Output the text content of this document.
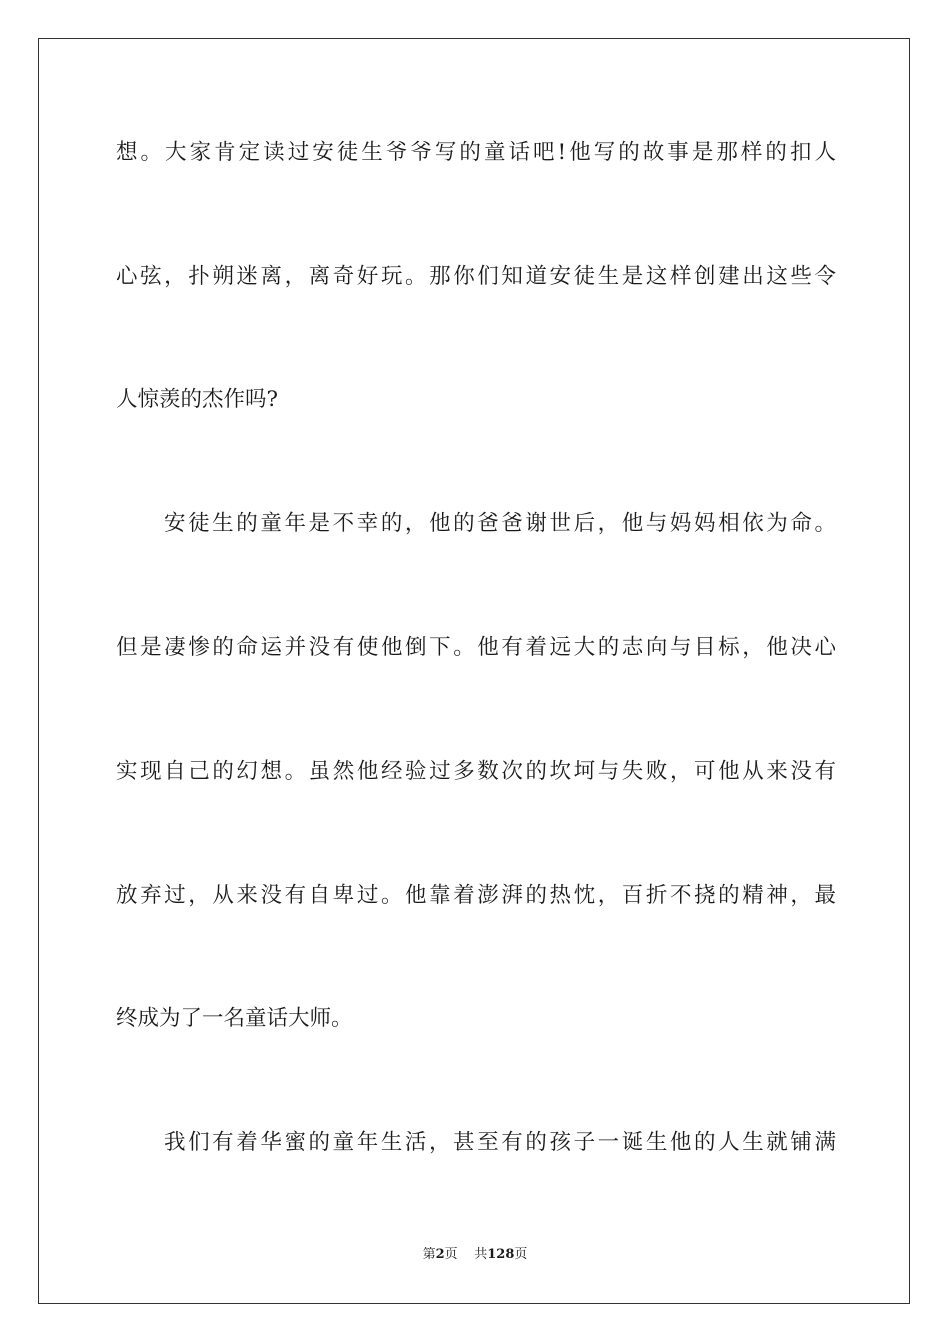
想。大家肯定读过安徒生爷爷写的童话吧!他写的故事是那样的扣人
心弦，扑朔迷离，离奇好玩。那你们知道安徒生是这样创建出这些令
人惊羡的杰作吗?
安徒生的童年是不幸的，他的爸爸谢世后，他与妈妈相依为命。
但是凄惨的命运并没有使他倒下。他有着远大的志向与目标，他决心
实现自己的幻想。虽然他经验过多数次的坎坷与失败，可他从来没有
放弃过，从来没有自卑过。他靠着澎湃的热忱，百折不挠的精神，最
终成为了一名童话大师。
我们有着华蜜的童年生活，甚至有的孩子一诞生他的人生就铺满
第2页 共128页
